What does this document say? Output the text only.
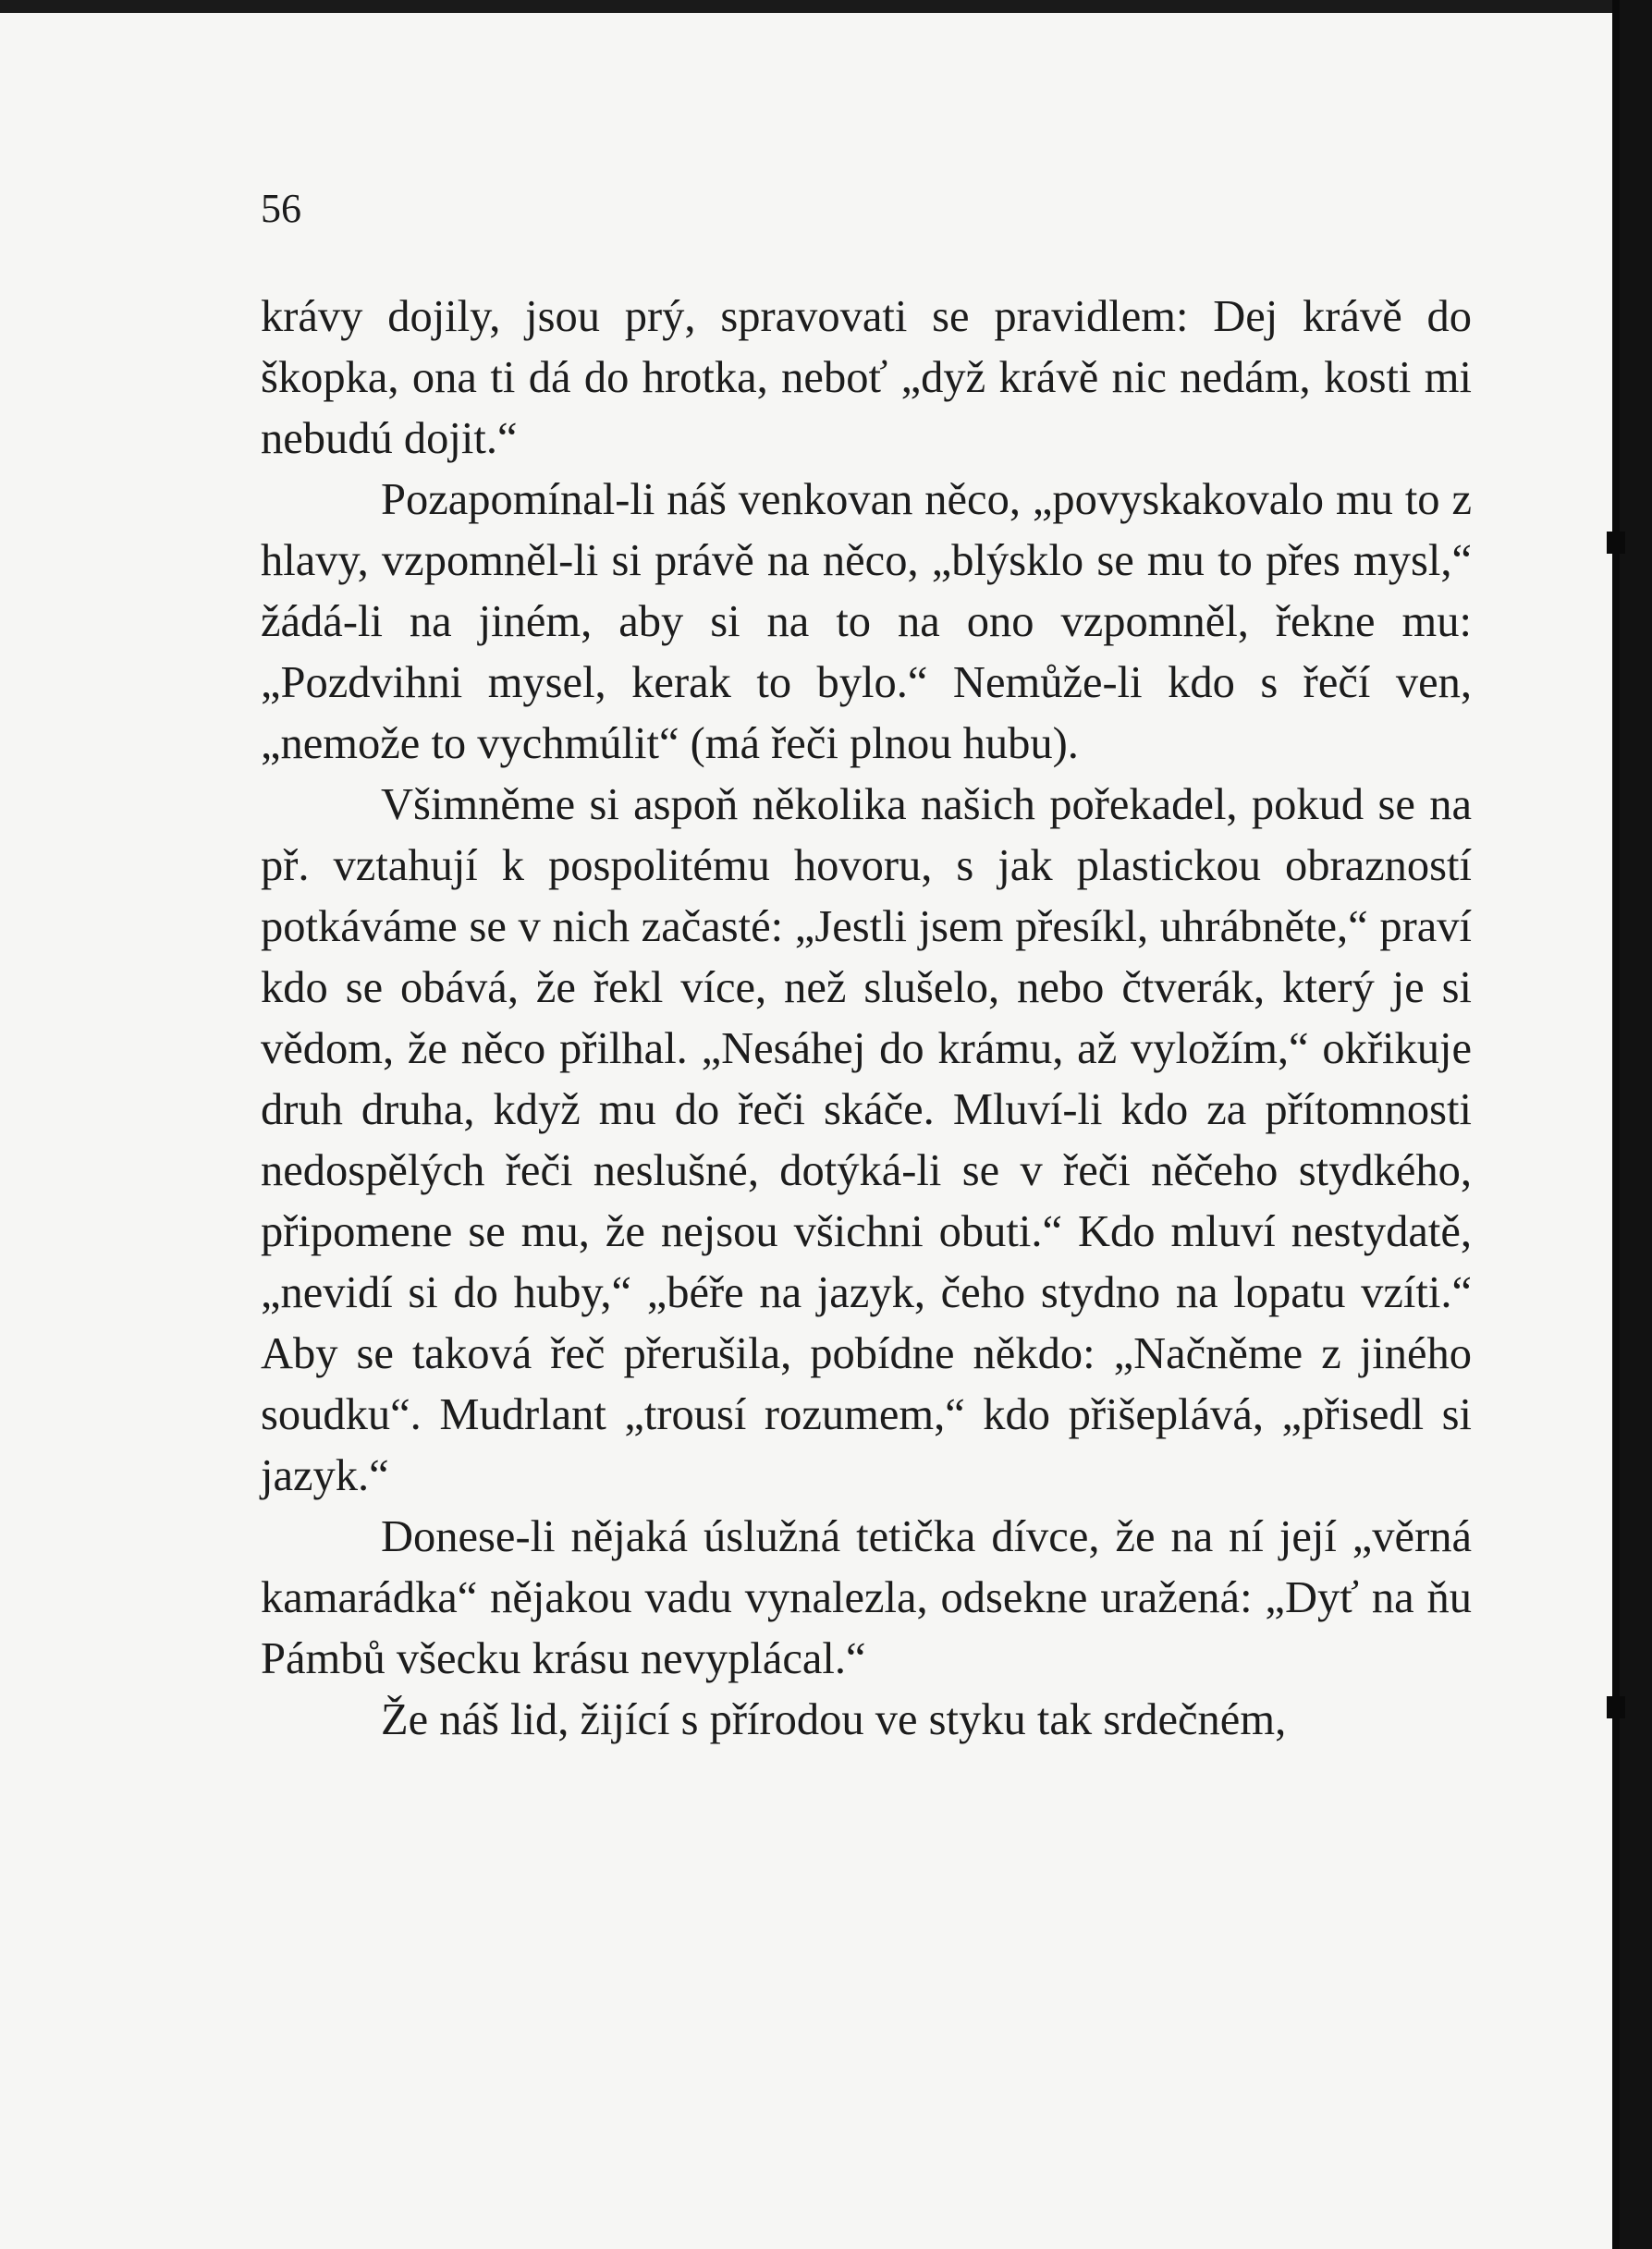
56

krávy dojily, jsou prý, spravovati se pravidlem: Dej krávě do škopka, ona ti dá do hrotka, neboť „dyž krávě nic nedám, kosti mi nebudú dojit.“

Pozapomínal-li náš venkovan něco, „povyskakovalo mu to z hlavy, vzpomněl-li si právě na něco, „blýsklo se mu to přes mysl,“ žádá-li na jiném, aby si na to na ono vzpomněl, řekne mu: „Pozdvihni mysel, kerak to bylo.“ Nemůže-li kdo s řečí ven, „nemože to vychmúlit“ (má řeči plnou hubu).

Všimněme si aspoň několika našich pořekadel, pokud se na př. vztahují k pospolitému hovoru, s jak plastickou obrazností potkáváme se v nich začasté: „Jestli jsem přesíkl, uhrábněte,“ praví kdo se obává, že řekl více, než slušelo, nebo čtverák, který je si vědom, že něco přilhal. „Nesáhej do krámu, až vyložím,“ okřikuje druh druha, když mu do řeči skáče. Mluví-li kdo za přítomnosti nedospělých řeči neslušné, dotýká-li se v řeči něčeho stydkého, připomene se mu, že nejsou všichni obuti.“ Kdo mluví nestydatě, „nevidí si do huby,“ „béře na jazyk, čeho stydno na lopatu vzíti.“ Aby se taková řeč přerušila, pobídne někdo: „Načněme z jiného soudku“. Mudrlant „trousí rozumem,“ kdo přišeplává, „přisedl si jazyk.“

Donese-li nějaká úslužná tetička dívce, že na ní její „věrná kamarádka“ nějakou vadu vynalezla, odsekne uražená: „Dyť na ňu Pámbů všecku krásu nevyplácal.“

Že náš lid, žijící s přírodou ve styku tak srdečném,
